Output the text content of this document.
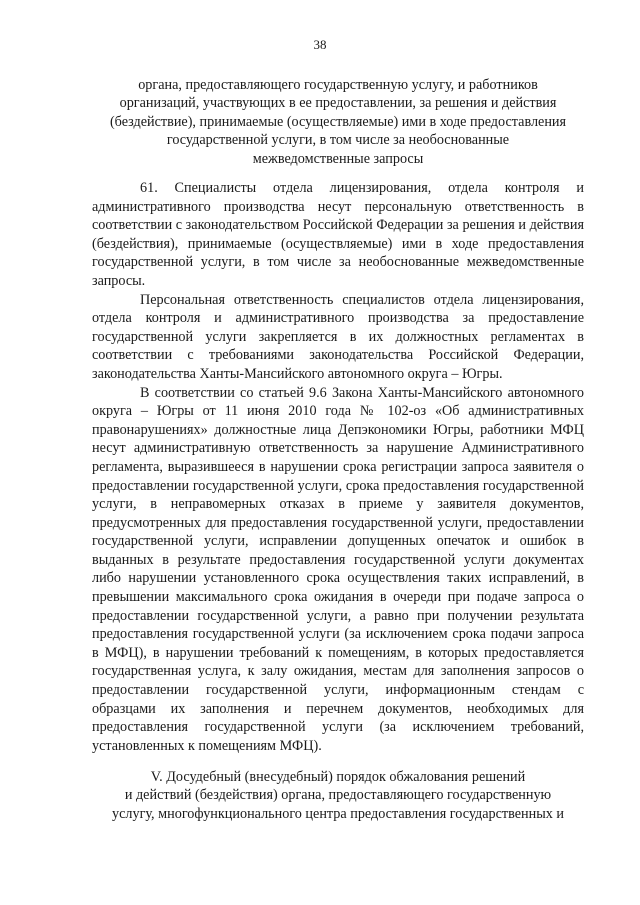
38
органа, предоставляющего государственную услугу, и работников
организаций, участвующих в ее предоставлении, за решения и действия
(бездействие), принимаемые (осуществляемые) ими в ходе предоставления
государственной услуги, в том числе за необоснованные
межведомственные запросы

61. Специалисты отдела лицензирования, отдела контроля и административного производства несут персональную ответственность в соответствии с законодательством Российской Федерации за решения и действия (бездействия), принимаемые (осуществляемые) ими в ходе предоставления государственной услуги, в том числе за необоснованные межведомственные запросы.

Персональная ответственность специалистов отдела лицензирования, отдела контроля и административного производства за предоставление государственной услуги закрепляется в их должностных регламентах в соответствии с требованиями законодательства Российской Федерации, законодательства Ханты-Мансийского автономного округа – Югры.

В соответствии со статьей 9.6 Закона Ханты-Мансийского автономного округа – Югры от 11 июня 2010 года № 102-оз «Об административных правонарушениях» должностные лица Депэкономики Югры, работники МФЦ несут административную ответственность за нарушение Административного регламента, выразившееся в нарушении срока регистрации запроса заявителя о предоставлении государственной услуги, срока предоставления государственной услуги, в неправомерных отказах в приеме у заявителя документов, предусмотренных для предоставления государственной услуги, предоставлении государственной услуги, исправлении допущенных опечаток и ошибок в выданных в результате предоставления государственной услуги документах либо нарушении установленного срока осуществления таких исправлений, в превышении максимального срока ожидания в очереди при подаче запроса о предоставлении государственной услуги, а равно при получении результата предоставления государственной услуги (за исключением срока подачи запроса в МФЦ), в нарушении требований к помещениям, в которых предоставляется государственная услуга, к залу ожидания, местам для заполнения запросов о предоставлении государственной услуги, информационным стендам с образцами их заполнения и перечнем документов, необходимых для предоставления государственной услуги (за исключением требований, установленных к помещениям МФЦ).

V. Досудебный (внесудебный) порядок обжалования решений
и действий (бездействия) органа, предоставляющего государственную
услугу, многофункционального центра предоставления государственных и
